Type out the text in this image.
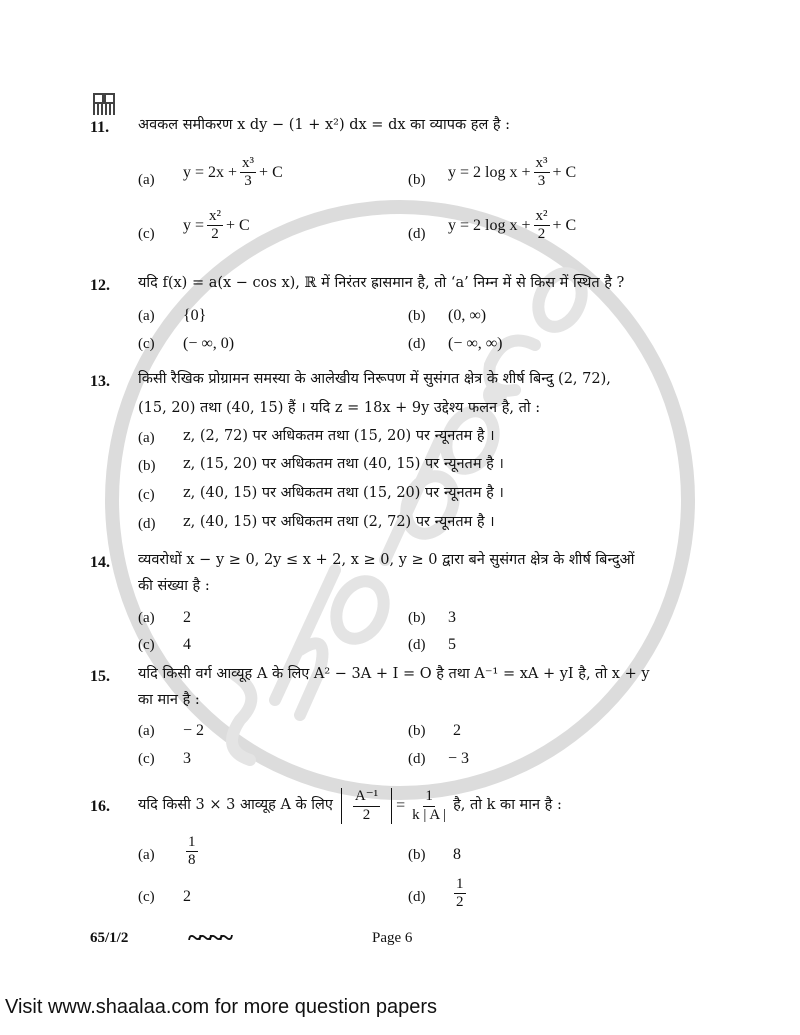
11. अवकल समीकरण x dy − (1 + x²) dx = dx का व्यापक हल है :
(a) $y = 2x + \frac{\text{x³}}{3} + C$	(b) y = 2 $\log x + \frac{\text{x³}}{3} + C$
(c) $y = \frac{\text{x²}}{2} + C$	(d) y = 2 $\log x + \frac{\text{x²}}{2} + C$
12. यदि f(x) = a(x − cos x), ℝ में निरंतर ह्रासमान है, तो ‘a’ निम्न में से किस में स्थित है ?
(a) {0}	(b) (0, ∞)
(c) (− ∞, 0)	(d) (− ∞, ∞)
13. किसी रैखिक प्रोग्रामन समस्या के आलेखीय निरूपण में सुसंगत क्षेत्र के शीर्ष बिन्दु (2, 72),
(15, 20) तथा (40, 15) हैं । यदि z = 18x + 9y उद्देश्य फलन है, तो :
(a) z, (2, 72) पर अधिकतम तथा (15, 20) पर न्यूनतम है ।
(b) z, (15, 20) पर अधिकतम तथा (40, 15) पर न्यूनतम है ।
(c) z, (40, 15) पर अधिकतम तथा (15, 20) पर न्यूनतम है ।
(d) z, (40, 15) पर अधिकतम तथा (2, 72) पर न्यूनतम है ।
14. व्यवरोधों x − y ≥ 0, 2y ≤ x + 2, x ≥ 0, y ≥ 0 द्वारा बने सुसंगत क्षेत्र के शीर्ष बिन्दुओं
की संख्या है :
(a) 2	(b) 3
(c) 4	(d) 5
15. यदि किसी वर्ग आव्यूह A के लिए A² − 3A + I = O है तथा A⁻¹ = xA + yI है, तो x + y
का मान है :
(a) − 2	(b) 2
(c) 3	(d) − 3
16. यदि किसी 3 × 3 आव्यूह A के लिए $\frac{\text{A⁻¹}}{2} = \frac{1}{k | A |}$ है, तो k का मान है :
$(a) \frac{1}{8}$	(b) 8
(c) 2	$(d) \frac{1}{2}$
65/1/2 ~~~~	Page 6
Visit www.shaalaa.com for more question papers
